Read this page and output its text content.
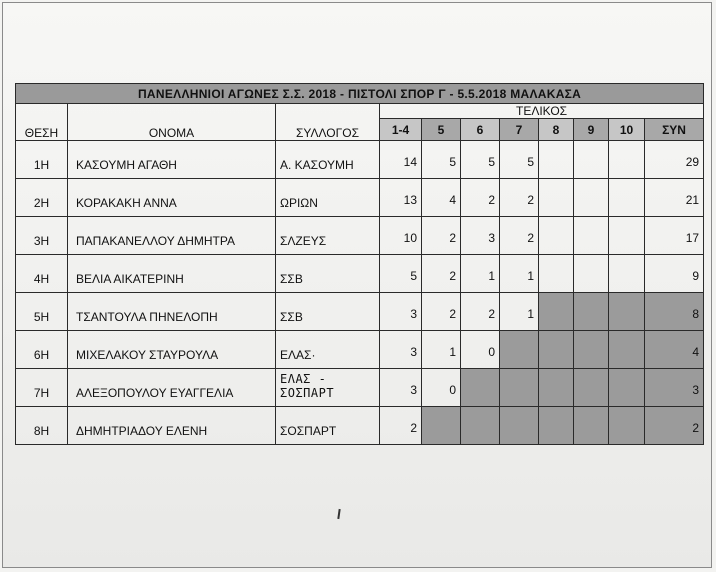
ΠΑΝΕΛΛΗΝΙΟΙ ΑΓΩΝΕΣ Σ.Σ. 2018 - ΠΙΣΤΟΛΙ ΣΠΟΡ Γ - 5.5.2018 ΜΑΛΑΚΑΣΑ										
ΘΕΣΗ	ΟΝΟΜΑ	ΣΥΛΛΟΓΟΣ	ΤΕΛΙΚΟΣ							
			1-4	5	6	7	8	9	10	ΣΥΝ
1Η	ΚΑΣΟΥΜΗ ΑΓΑΘΗ	Α. ΚΑΣΟΥΜΗ	14	5	5	5				29
2Η	ΚΟΡΑΚΑΚΗ ΑΝΝΑ	ΩΡΙΩΝ	13	4	2	2				21
3Η	ΠΑΠΑΚΑΝΕΛΛΟΥ ΔΗΜΗΤΡΑ	ΣΛΖΕΥΣ	10	2	3	2				17
4Η	ΒΕΛΙΑ ΑΙΚΑΤΕΡΙΝΗ	ΣΣΒ	5	2	1	1				9
5Η	ΤΣΑΝΤΟΥΛΑ ΠΗΝΕΛΟΠΗ	ΣΣΒ	3	2	2	1				8
6Η	ΜΙΧΕΛΑΚΟΥ ΣΤΑΥΡΟΥΛΑ	ΕΛΑΣ·	3	1	0					4
7Η	ΑΛΕΞΟΠΟΥΛΟΥ ΕΥΑΓΓΕΛΙΑ	ΕΛΑΣ - ΣΟΣΠΑΡΤ	3	0						3
8Η	ΔΗΜΗΤΡΙΑΔΟΥ ΕΛΕΝΗ	ΣΟΣΠΑΡΤ	2							2
